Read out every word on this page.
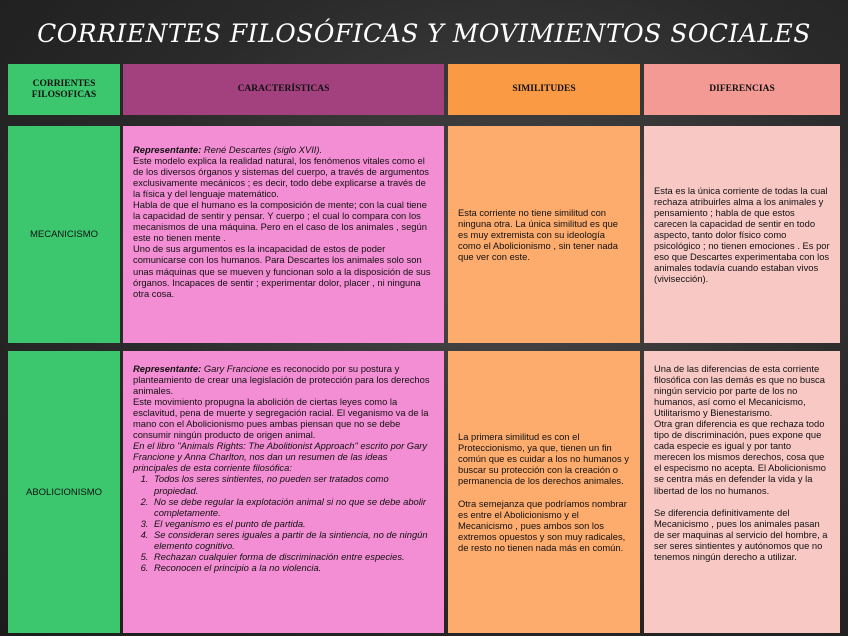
CORRIENTES FILOSÓFICAS Y MOVIMIENTOS SOCIALES
CORRIENTES FILOSOFICAS
CARACTERÍSTICAS	SIMILITUDES	DIFERENCIAS
MECANICISMO

Representante: René Descartes (siglo XVII).

Este modelo explica la realidad natural, los fenómenos vitales como el de los diversos órganos y sistemas del cuerpo, a través de argumentos exclusivamente mecánicos ; es decir, todo debe explicarse a través de la física y del lenguaje matemático.

Habla de que el humano es la composición de mente; con la cual tiene la capacidad de sentir y pensar. Y cuerpo ; el cual lo compara con los mecanismos de una máquina. Pero en el caso de los animales , según este no tienen mente .

Uno de sus argumentos es la incapacidad de estos de poder comunicarse con los humanos. Para Descartes los animales solo son unas máquinas que se mueven y funcionan solo a la disposición de sus órganos. Incapaces de sentir ; experimentar dolor, placer , ni ninguna otra cosa.

Esta corriente no tiene similitud con ninguna otra. La única similitud es que es muy extremista con su ideología como el Abolicionismo , sin tener nada que ver con este.

Esta es la única corriente de todas la cual rechaza atribuirles alma a los animales y pensamiento ; habla de que estos carecen la capacidad de sentir en todo aspecto, tanto dolor físico como psicológico ; no tienen emociones . Es por eso que Descartes experimentaba con los animales todavía cuando estaban vivos (vivisección).

ABOLICIONISMO

Representante: Gary Francione es reconocido por su postura y planteamiento de crear una legislación de protección para los derechos animales.

Este movimiento propugna la abolición de ciertas leyes como la esclavitud, pena de muerte y segregación racial. El veganismo va de la mano con el Abolicionismo pues ambas piensan que no se debe consumir ningún producto de origen animal.

En el libro "Animals Rights: The Abolitionist Approach" escrito por Gary Francione y Anna Charlton, nos dan un resumen de las ideas principales de esta corriente filosófica:

1. Todos los seres sintientes, no pueden ser tratados como propiedad.
2. No se debe regular la explotación animal si no que se debe abolir completamente.
3. El veganismo es el punto de partida.
4. Se consideran seres iguales a partir de la sintiencia, no de ningún elemento cognitivo.
5. Rechazan cualquier forma de discriminación entre especies.
6. Reconocen el principio a la no violencia.

La primera similitud es con el Proteccionismo, ya que, tienen un fin común que es cuidar a los no humanos y buscar su protección con la creación o permanencia de los derechos animales.

Otra semejanza que podríamos nombrar es entre el Abolicionismo y el Mecanicismo , pues ambos son los extremos opuestos y son muy radicales, de resto no tienen nada más en común.

Una de las diferencias de esta corriente filosófica con las demás es que no busca ningún servicio por parte de los no humanos, así como el Mecanicismo, Utilitarismo y Bienestarismo.

Otra gran diferencia es que rechaza todo tipo de discriminación, pues expone que cada especie es igual y por tanto merecen los mismos derechos, cosa que el especismo no acepta. El Abolicionismo se centra más en defender la vida y la libertad de los no humanos.

Se diferencia definitivamente del Mecanicismo , pues los animales pasan de ser maquinas al servicio del hombre, a ser seres sintientes y autónomos que no tenemos ningún derecho a utilizar.
